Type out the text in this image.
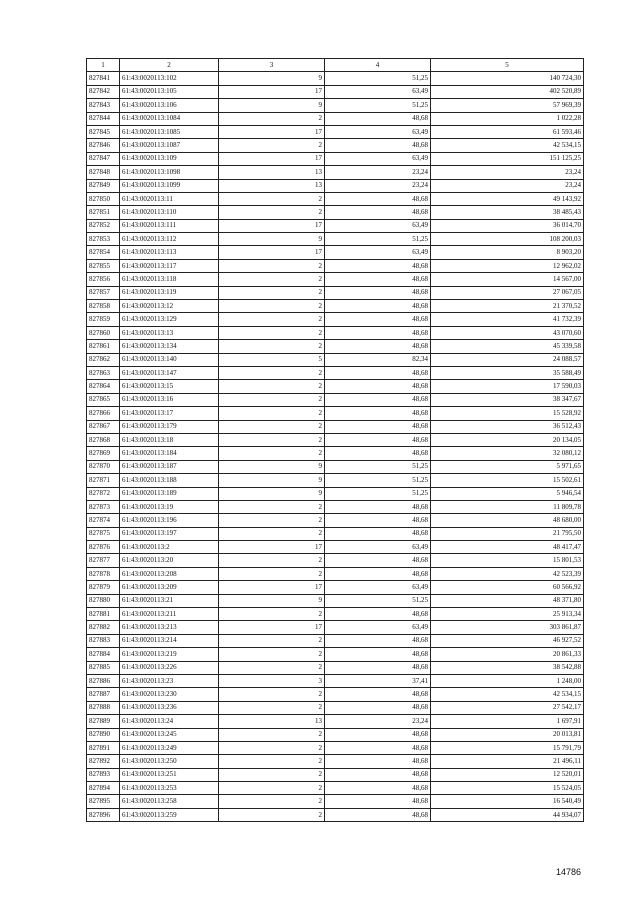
1	2	3	4	5
827841	61:43:0020113:102	9	51,25	140 724,30
827842	61:43:0020113:105	17	63,49	402 520,89
827843	61:43:0020113:106	9	51,25	57 969,39
827844	61:43:0020113:1084	2	48,68	1 022,28
827845	61:43:0020113:1085	17	63,49	61 593,46
827846	61:43:0020113:1087	2	48,68	42 534,15
827847	61:43:0020113:109	17	63,49	151 125,25
827848	61:43:0020113:1098	13	23,24	23,24
827849	61:43:0020113:1099	13	23,24	23,24
827850	61:43:0020113:11	2	48,68	49 143,92
827851	61:43:0020113:110	2	48,68	38 485,43
827852	61:43:0020113:111	17	63,49	36 014,70
827853	61:43:0020113:112	9	51,25	108 200,03
827854	61:43:0020113:113	17	63,49	8 903,20
827855	61:43:0020113:117	2	48,68	12 962,02
827856	61:43:0020113:118	2	48,68	14 567,00
827857	61:43:0020113:119	2	48,68	27 067,05
827858	61:43:0020113:12	2	48,68	21 370,52
827859	61:43:0020113:129	2	48,68	41 732,39
827860	61:43:0020113:13	2	48,68	43 070,60
827861	61:43:0020113:134	2	48,68	45 339,58
827862	61:43:0020113:140	5	82,34	24 088,57
827863	61:43:0020113:147	2	48,68	35 588,49
827864	61:43:0020113:15	2	48,68	17 590,03
827865	61:43:0020113:16	2	48,68	38 347,67
827866	61:43:0020113:17	2	48,68	15 528,92
827867	61:43:0020113:179	2	48,68	36 512,43
827868	61:43:0020113:18	2	48,68	20 134,05
827869	61:43:0020113:184	2	48,68	32 080,12
827870	61:43:0020113:187	9	51,25	5 971,65
827871	61:43:0020113:188	9	51,25	15 502,61
827872	61:43:0020113:189	9	51,25	5 946,54
827873	61:43:0020113:19	2	48,68	11 809,78
827874	61:43:0020113:196	2	48,68	48 680,00
827875	61:43:0020113:197	2	48,68	21 795,50
827876	61:43:0020113:2	17	63,49	48 417,47
827877	61:43:0020113:20	2	48,68	15 801,53
827878	61:43:0020113:208	2	48,68	42 523,39
827879	61:43:0020113:209	17	63,49	60 566,92
827880	61:43:0020113:21	9	51,25	48 371,80
827881	61:43:0020113:211	2	48,68	25 913,34
827882	61:43:0020113:213	17	63,49	303 861,87
827883	61:43:0020113:214	2	48,68	46 927,52
827884	61:43:0020113:219	2	48,68	20 861,33
827885	61:43:0020113:226	2	48,68	38 542,88
827886	61:43:0020113:23	3	37,41	1 248,00
827887	61:43:0020113:230	2	48,68	42 534,15
827888	61:43:0020113:236	2	48,68	27 542,17
827889	61:43:0020113:24	13	23,24	1 697,91
827890	61:43:0020113:245	2	48,68	20 013,81
827891	61:43:0020113:249	2	48,68	15 791,79
827892	61:43:0020113:250	2	48,68	21 496,11
827893	61:43:0020113:251	2	48,68	12 520,01
827894	61:43:0020113:253	2	48,68	15 524,05
827895	61:43:0020113:258	2	48,68	16 540,49
827896	61:43:0020113:259	2	48,68	44 934,07
14786
